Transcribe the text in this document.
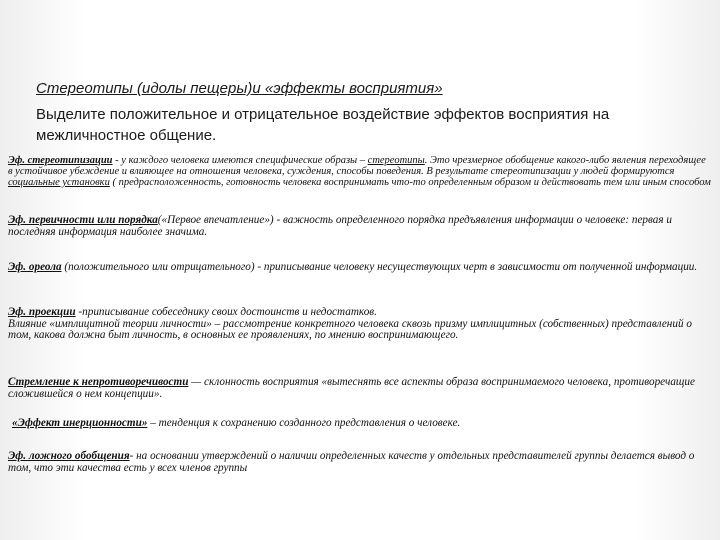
Стереотипы (идолы пещеры)и «эффекты восприятия»
Выделите положительное и отрицательное воздействие эффектов восприятия на межличностное общение.
Эф. стереотипизации - у каждого человека имеются специфические образы – стереотипы. Это чрезмерное обобщение какого-либо явления переходящее в устойчивое убеждение и влияющее на отношения человека, суждения, способы поведения. В результате стереотипизации у людей формируются социальные установки ( предрасположенность, готовность человека воспринимать что-то определенным образом и действовать тем или иным способом
Эф. первичности или порядка(«Первое впечатление») - важность определенного порядка предъявления информации о человеке: первая и последняя информация наиболее значима.
Эф. ореола (положительного или отрицательного) - приписывание человеку несуществующих черт в зависимости от полученной информации.
Эф. проекции -приписывание собеседнику своих достоинств и недостатков.
Влияние «имплицитной теории личности» – рассмотрение конкретного человека сквозь призму имплицитных (собственных) представлений о том, какова должна быт личность, в основных ее проявлениях, по мнению воспринимающего.
Стремление к непротиворечивости — склонность восприятия «вытеснять все аспекты образа воспринимаемого человека, противоречащие сложившейся о нем концепции».
«Эффект инерционности» – тенденция к сохранению созданного представления о человеке.
Эф. ложного обобщения- на основании утверждений о наличии определенных качеств у отдельных представителей группы делается вывод о том, что эти качества есть у всех членов группы
